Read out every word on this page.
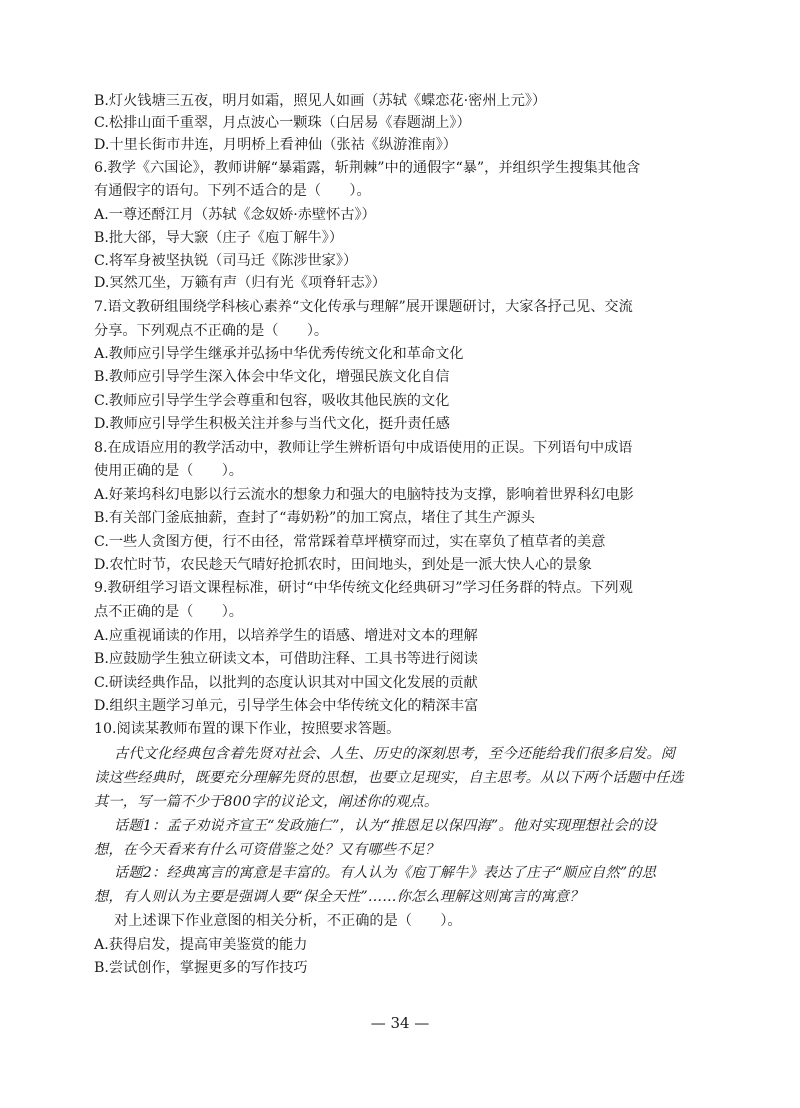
B.灯火钱塘三五夜，明月如霜，照见人如画（苏轼《蝶恋花·密州上元》）
C.松排山面千重翠，月点波心一颗珠（白居易《春题湖上》）
D.十里长街市井连，月明桥上看神仙（张祜《纵游淮南》）
6.教学《六国论》，教师讲解“暴霜露，斩荆棘”中的通假字“暴”，并组织学生搜集其他含
有通假字的语句。下列不适合的是（　　）。
A.一尊还酹江月（苏轼《念奴娇·赤壁怀古》）
B.批大郤，导大窾（庄子《庖丁解牛》）
C.将军身被坚执锐（司马迁《陈涉世家》）
D.冥然兀坐，万籁有声（归有光《项脊轩志》）
7.语文教研组围绕学科核心素养“文化传承与理解”展开课题研讨，大家各抒己见、交流
分享。下列观点不正确的是（　　）。
A.教师应引导学生继承并弘扬中华优秀传统文化和革命文化
B.教师应引导学生深入体会中华文化，增强民族文化自信
C.教师应引导学生学会尊重和包容，吸收其他民族的文化
D.教师应引导学生积极关注并参与当代文化，挺升责任感
8.在成语应用的教学活动中，教师让学生辨析语句中成语使用的正误。下列语句中成语
使用正确的是（　　）。
A.好莱坞科幻电影以行云流水的想象力和强大的电脑特技为支撑，影响着世界科幻电影
B.有关部门釜底抽薪，查封了“毒奶粉”的加工窝点，堵住了其生产源头
C.一些人贪图方便，行不由径，常常踩着草坪横穿而过，实在辜负了植草者的美意
D.农忙时节，农民趁天气晴好抢抓农时，田间地头，到处是一派大快人心的景象
9.教研组学习语文课程标准，研讨“中华传统文化经典研习”学习任务群的特点。下列观
点不正确的是（　　）。
A.应重视诵读的作用，以培养学生的语感、增进对文本的理解
B.应鼓励学生独立研读文本，可借助注释、工具书等进行阅读
C.研读经典作品，以批判的态度认识其对中国文化发展的贡献
D.组织主题学习单元，引导学生体会中华传统文化的精深丰富
10.阅读某教师布置的课下作业，按照要求答题。
古代文化经典包含着先贤对社会、人生、历史的深刻思考，至今还能给我们很多启发。阅
读这些经典时，既要充分理解先贤的思想，也要立足现实，自主思考。从以下两个话题中任选
其一，写一篇不少于800字的议论文，阐述你的观点。
话题1：孟子劝说齐宣王“发政施仁”，认为“推恩足以保四海”。他对实现理想社会的设
想，在今天看来有什么可资借鉴之处？又有哪些不足？
话题2：经典寓言的寓意是丰富的。有人认为《庖丁解牛》表达了庄子“顺应自然”的思
想，有人则认为主要是强调人要“保全天性”……你怎么理解这则寓言的寓意？
对上述课下作业意图的相关分析，不正确的是（　　）。
A.获得启发，提高审美鉴赏的能力
B.尝试创作，掌握更多的写作技巧
— 34 —
